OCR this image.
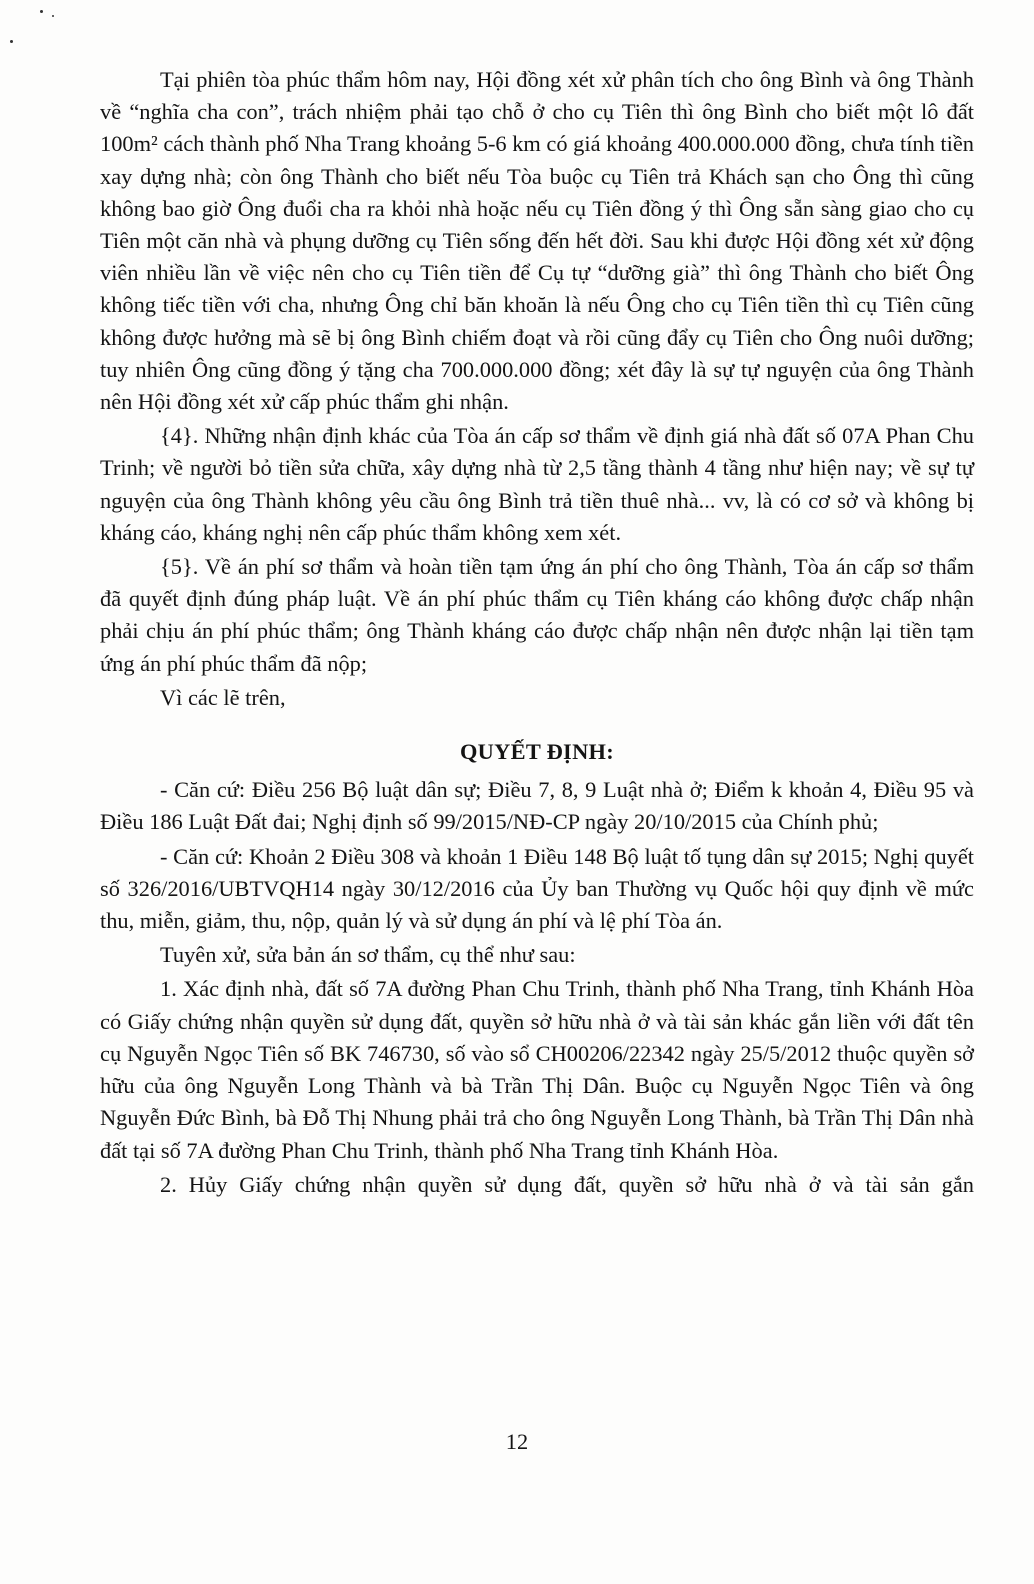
Tại phiên tòa phúc thẩm hôm nay, Hội đồng xét xử phân tích cho ông Bình và ông Thành về “nghĩa cha con”, trách nhiệm phải tạo chỗ ở cho cụ Tiên thì ông Bình cho biết một lô đất 100m² cách thành phố Nha Trang khoảng 5-6 km có giá khoảng 400.000.000 đồng, chưa tính tiền xay dựng nhà; còn ông Thành cho biết nếu Tòa buộc cụ Tiên trả Khách sạn cho Ông thì cũng không bao giờ Ông đuổi cha ra khỏi nhà hoặc nếu cụ Tiên đồng ý thì Ông sẵn sàng giao cho cụ Tiên một căn nhà và phụng dưỡng cụ Tiên sống đến hết đời. Sau khi được Hội đồng xét xử động viên nhiều lần về việc nên cho cụ Tiên tiền để Cụ tự “dưỡng già” thì ông Thành cho biết Ông không tiếc tiền với cha, nhưng Ông chỉ băn khoăn là nếu Ông cho cụ Tiên tiền thì cụ Tiên cũng không được hưởng mà sẽ bị ông Bình chiếm đoạt và rồi cũng đẩy cụ Tiên cho Ông nuôi dưỡng; tuy nhiên Ông cũng đồng ý tặng cha 700.000.000 đồng; xét đây là sự tự nguyện của ông Thành nên Hội đồng xét xử cấp phúc thẩm ghi nhận.

{4}. Những nhận định khác của Tòa án cấp sơ thẩm về định giá nhà đất số 07A Phan Chu Trinh; về người bỏ tiền sửa chữa, xây dựng nhà từ 2,5 tầng thành 4 tầng như hiện nay; về sự tự nguyện của ông Thành không yêu cầu ông Bình trả tiền thuê nhà... vv, là có cơ sở và không bị kháng cáo, kháng nghị nên cấp phúc thẩm không xem xét.

{5}. Về án phí sơ thẩm và hoàn tiền tạm ứng án phí cho ông Thành, Tòa án cấp sơ thẩm đã quyết định đúng pháp luật. Về án phí phúc thẩm cụ Tiên kháng cáo không được chấp nhận phải chịu án phí phúc thẩm; ông Thành kháng cáo được chấp nhận nên được nhận lại tiền tạm ứng án phí phúc thẩm đã nộp;

Vì các lẽ trên,

QUYẾT ĐỊNH:

- Căn cứ: Điều 256 Bộ luật dân sự; Điều 7, 8, 9 Luật nhà ở; Điểm k khoản 4, Điều 95 và Điều 186 Luật Đất đai; Nghị định số 99/2015/NĐ-CP ngày 20/10/2015 của Chính phủ;

- Căn cứ: Khoản 2 Điều 308 và khoản 1 Điều 148 Bộ luật tố tụng dân sự 2015; Nghị quyết số 326/2016/UBTVQH14 ngày 30/12/2016 của Ủy ban Thường vụ Quốc hội quy định về mức thu, miễn, giảm, thu, nộp, quản lý và sử dụng án phí và lệ phí Tòa án.

Tuyên xử, sửa bản án sơ thẩm, cụ thể như sau:

1. Xác định nhà, đất số 7A đường Phan Chu Trinh, thành phố Nha Trang, tỉnh Khánh Hòa có Giấy chứng nhận quyền sử dụng đất, quyền sở hữu nhà ở và tài sản khác gắn liền với đất tên cụ Nguyễn Ngọc Tiên số BK 746730, số vào sổ CH00206/22342 ngày 25/5/2012 thuộc quyền sở hữu của ông Nguyễn Long Thành và bà Trần Thị Dân. Buộc cụ Nguyễn Ngọc Tiên và ông Nguyễn Đức Bình, bà Đỗ Thị Nhung phải trả cho ông Nguyễn Long Thành, bà Trần Thị Dân nhà đất tại số 7A đường Phan Chu Trinh, thành phố Nha Trang tỉnh Khánh Hòa.

2. Hủy Giấy chứng nhận quyền sử dụng đất, quyền sở hữu nhà ở và tài sản gắn

12
